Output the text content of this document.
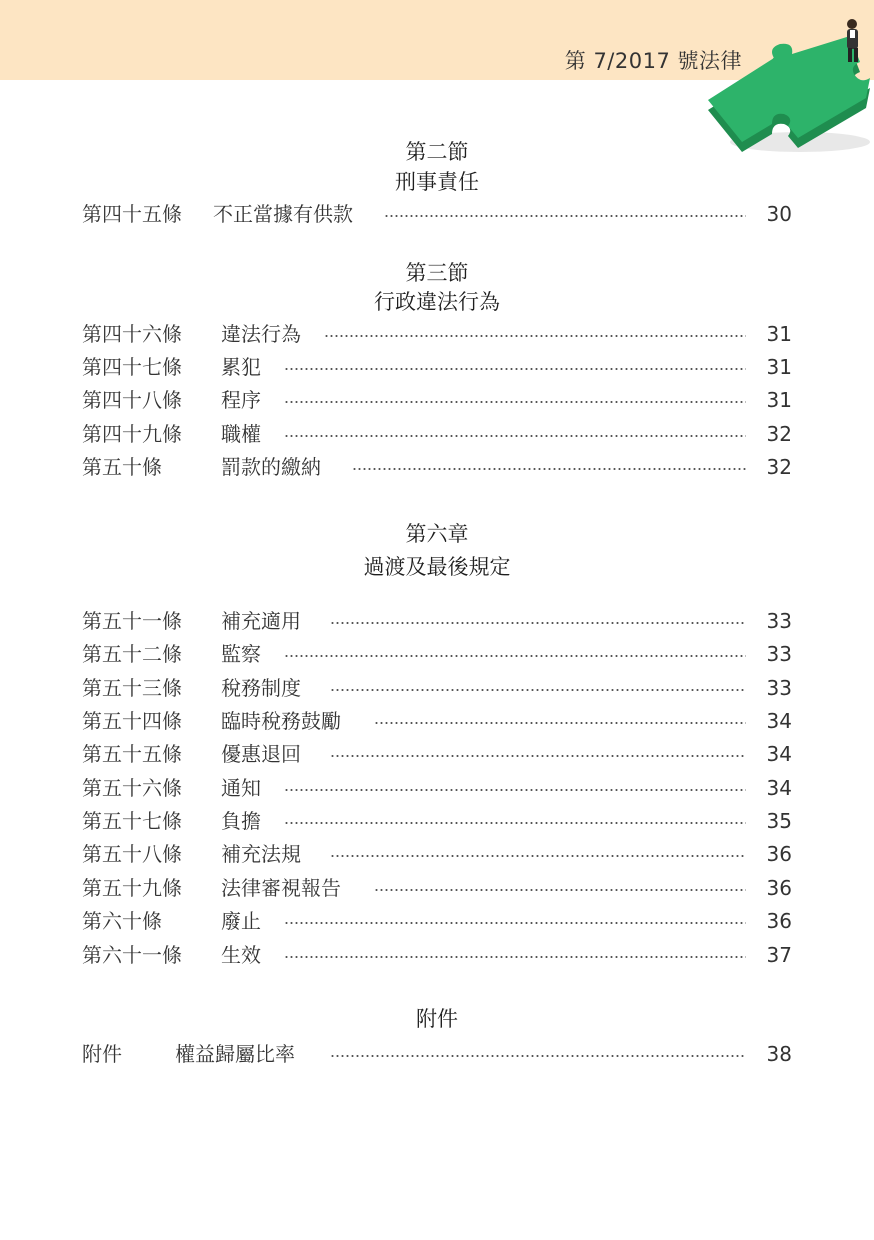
第 7/2017 號法律
第二節
刑事責任
第四十五條 不正當據有供款	30
第三節
行政違法行為
第四十六條 違法行為	31
第四十七條 累犯	31
第四十八條 程序	31
第四十九條 職權	32
第五十條	罰款的繳納	32
第六章
過渡及最後規定
第五十一條 補充適用	33
第五十二條 監察	33
第五十三條 稅務制度	33
第五十四條 臨時稅務鼓勵	34
第五十五條 優惠退回	34
第五十六條 通知	34
第五十七條 負擔	35
第五十八條 補充法規	36
第五十九條 法律審視報告	36
第六十條	廢止	36
第六十一條 生效	37
附件
附件	權益歸屬比率	38
